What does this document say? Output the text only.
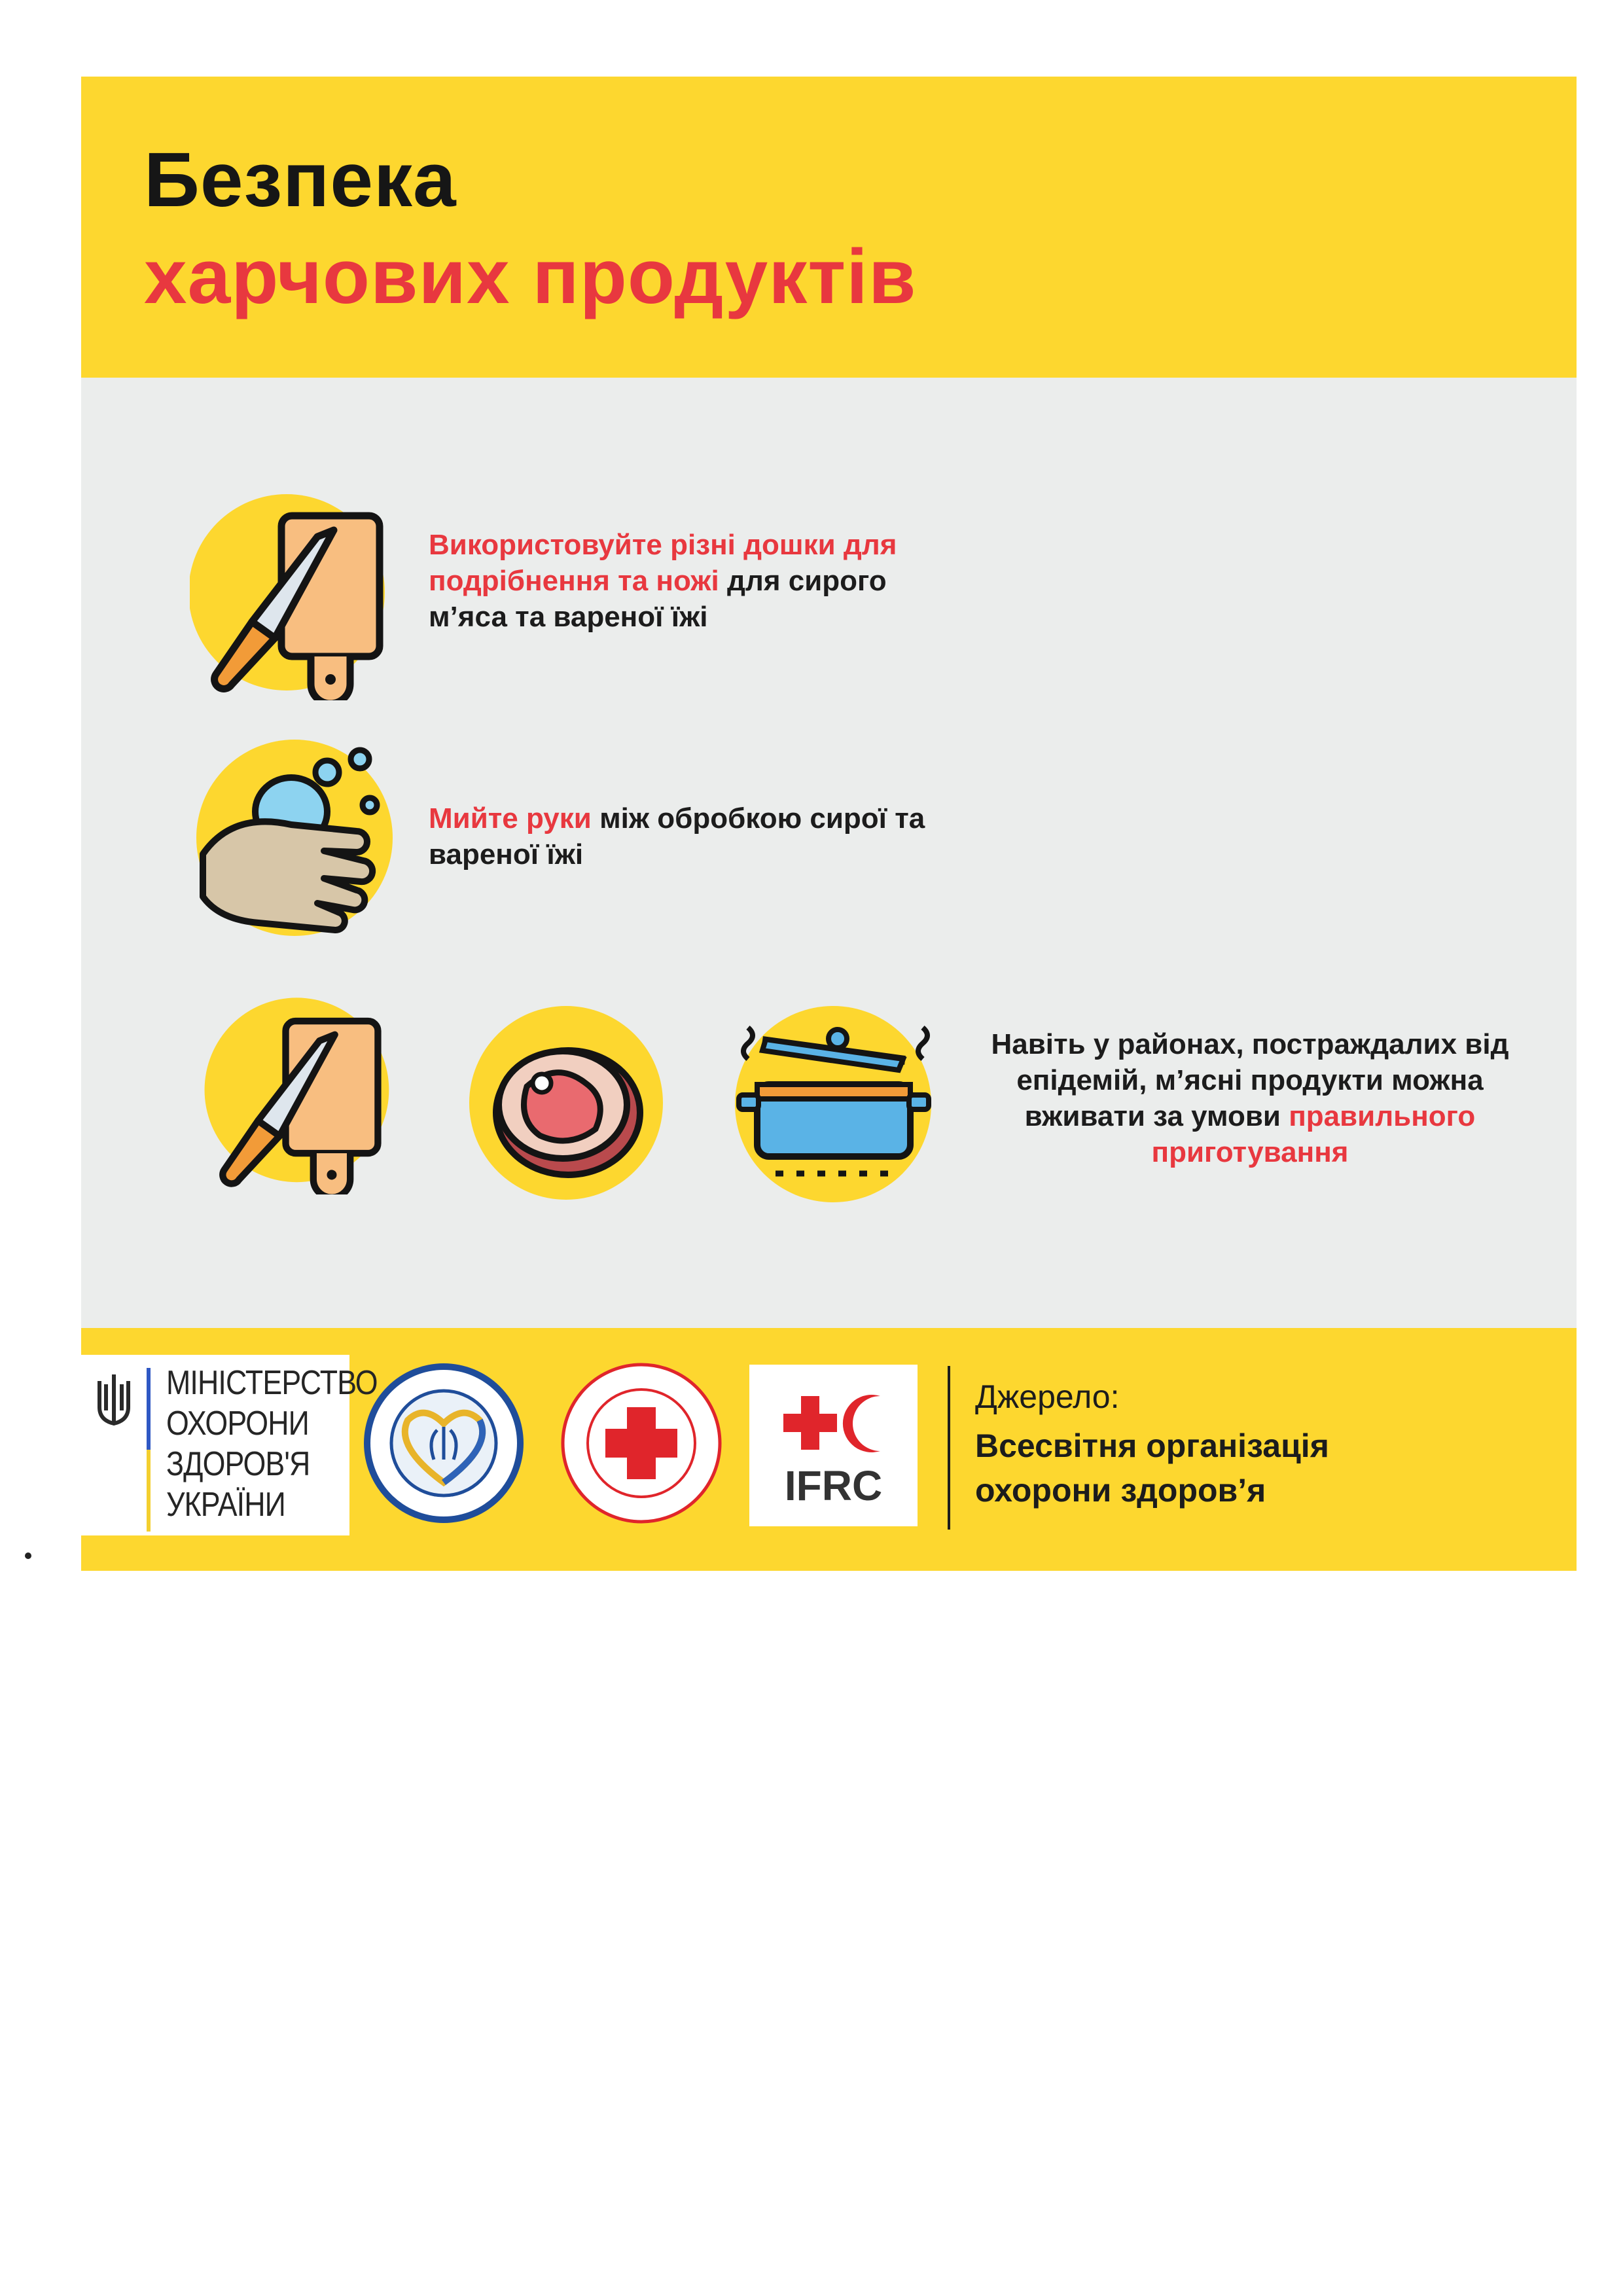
Безпека
харчових продуктів
Використовуйте різні дошки для подрібнення та ножі для сирого м’яса та вареної їжі
Мийте руки між обробкою сирої та вареної їжі
Навіть у районах, постраждалих від епідемій, м’ясні продукти можна вживати за умови правильного приготування
МІНІСТЕРСТВО
ОХОРОНИ
ЗДОРОВ'Я
УКРАЇНИ	IFRC
Джерело:
Всесвітня організація
охорони здоров’я
